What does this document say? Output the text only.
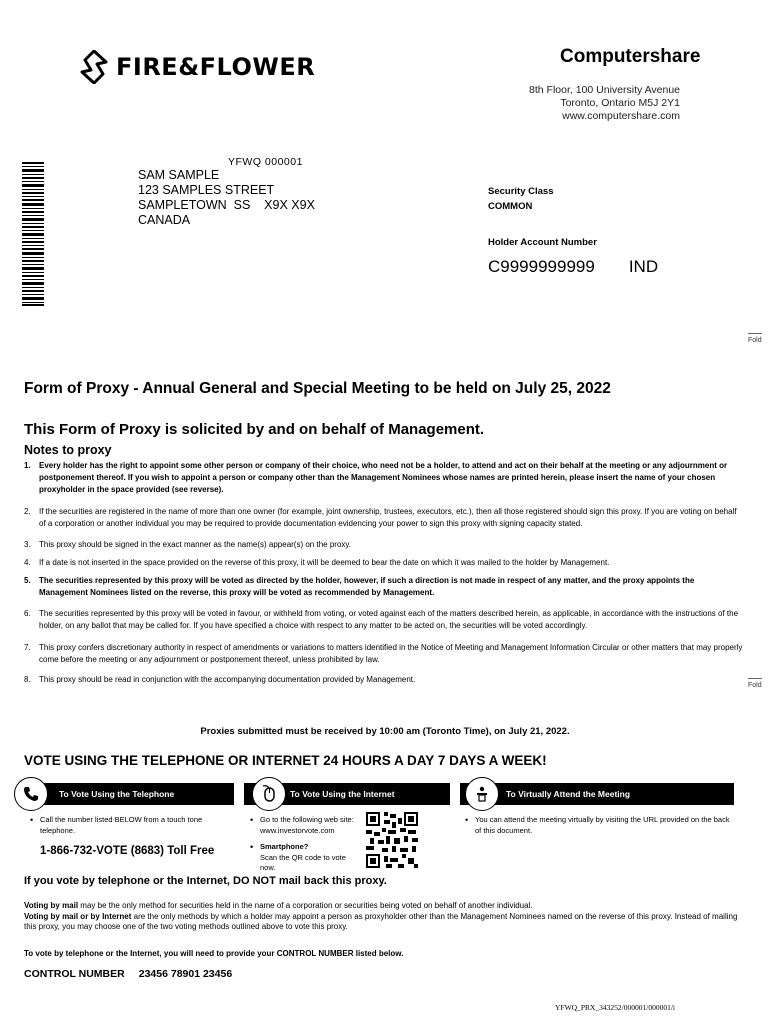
FIRE&FLOWER	Computershare
8th Floor, 100 University Avenue
Toronto, Ontario M5J 2Y1
www.computershare.com
YFWQ 000001
SAM SAMPLE
123 SAMPLES STREET
SAMPLETOWN  SS    X9X X9X
CANADA
Security Class
COMMON
Holder Account Number
C9999999999 IND
Fold
Fold
Form of Proxy - Annual General and Special Meeting to be held on July 25, 2022
This Form of Proxy is solicited by and on behalf of Management.
Notes to proxy
1.	Every holder has the right to appoint some other person or company of their choice, who need not be a holder, to attend and act on their behalf at the meeting or any adjournment or postponement thereof. If you wish to appoint a person or company other than the Management Nominees whose names are printed herein, please insert the name of your chosen proxyholder in the space provided (see reverse).
2.	If the securities are registered in the name of more than one owner (for example, joint ownership, trustees, executors, etc.), then all those registered should sign this proxy. If you are voting on behalf of a corporation or another individual you may be required to provide documentation evidencing your power to sign this proxy with signing capacity stated.
3.	This proxy should be signed in the exact manner as the name(s) appear(s) on the proxy.
4.	If a date is not inserted in the space provided on the reverse of this proxy, it will be deemed to bear the date on which it was mailed to the holder by Management.
5.	The securities represented by this proxy will be voted as directed by the holder, however, if such a direction is not made in respect of any matter, and the proxy appoints the Management Nominees listed on the reverse, this proxy will be voted as recommended by Management.
6.	The securities represented by this proxy will be voted in favour, or withheld from voting, or voted against each of the matters described herein, as applicable, in accordance with the instructions of the holder, on any ballot that may be called for. If you have specified a choice with respect to any matter to be acted on, the securities will be voted accordingly.
7.	This proxy confers discretionary authority in respect of amendments or variations to matters identified in the Notice of Meeting and Management Information Circular or other matters that may properly come before the meeting or any adjournment or postponement thereof, unless prohibited by law.
8.	This proxy should be read in conjunction with the accompanying documentation provided by Management.
Proxies submitted must be received by 10:00 am (Toronto Time), on July 21, 2022.
VOTE USING THE TELEPHONE OR INTERNET 24 HOURS A DAY 7 DAYS A WEEK!
To Vote Using the Telephone	To Vote Using the Internet	To Virtually Attend the Meeting
• Call the number listed BELOW from a touch tone telephone.
1-866-732-VOTE (8683) Toll Free
• Go to the following web site:
www.investorvote.com
• Smartphone?
Scan the QR code to vote now.
• You can attend the meeting virtually by visiting the URL provided on the back of this document.
If you vote by telephone or the Internet, DO NOT mail back this proxy.
Voting by mail may be the only method for securities held in the name of a corporation or securities being voted on behalf of another individual.
Voting by mail or by Internet are the only methods by which a holder may appoint a person as proxyholder other than the Management Nominees named on the reverse of this proxy. Instead of mailing this proxy, you may choose one of the two voting methods outlined above to vote this proxy.
To vote by telephone or the Internet, you will need to provide your CONTROL NUMBER listed below.
CONTROL NUMBER 23456 78901 23456
YFWQ_PRX_343252/000001/000001/i
